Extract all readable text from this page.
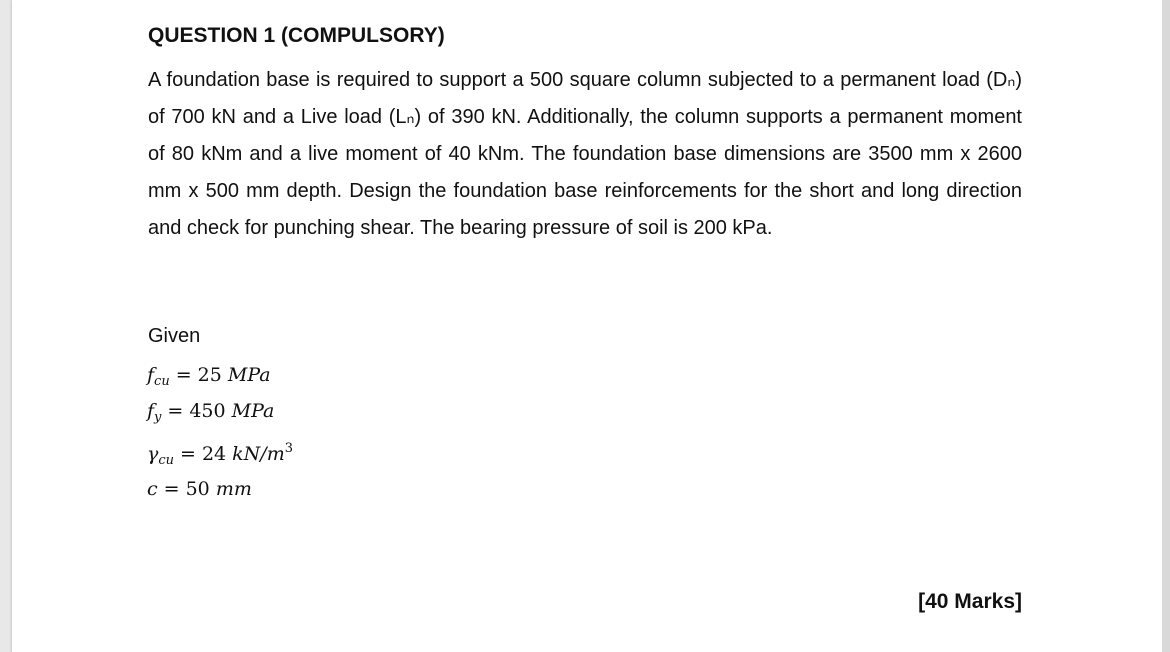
QUESTION 1 (COMPULSORY)

A foundation base is required to support a 500 square column subjected to a permanent load (Dₙ) of 700 kN and a Live load (Lₙ) of 390 kN. Additionally, the column supports a permanent moment of 80 kNm and a live moment of 40 kNm. The foundation base dimensions are 3500 mm x 2600 mm x 500 mm depth. Design the foundation base reinforcements for the short and long direction and check for punching shear. The bearing pressure of soil is 200 kPa.

Given

$f_{cu} = 25$ MPa
$f_y = 450$ MPa
$\gamma_{cu} = 24$ $kN/m^3$
c = 50 mm

[40 Marks]
